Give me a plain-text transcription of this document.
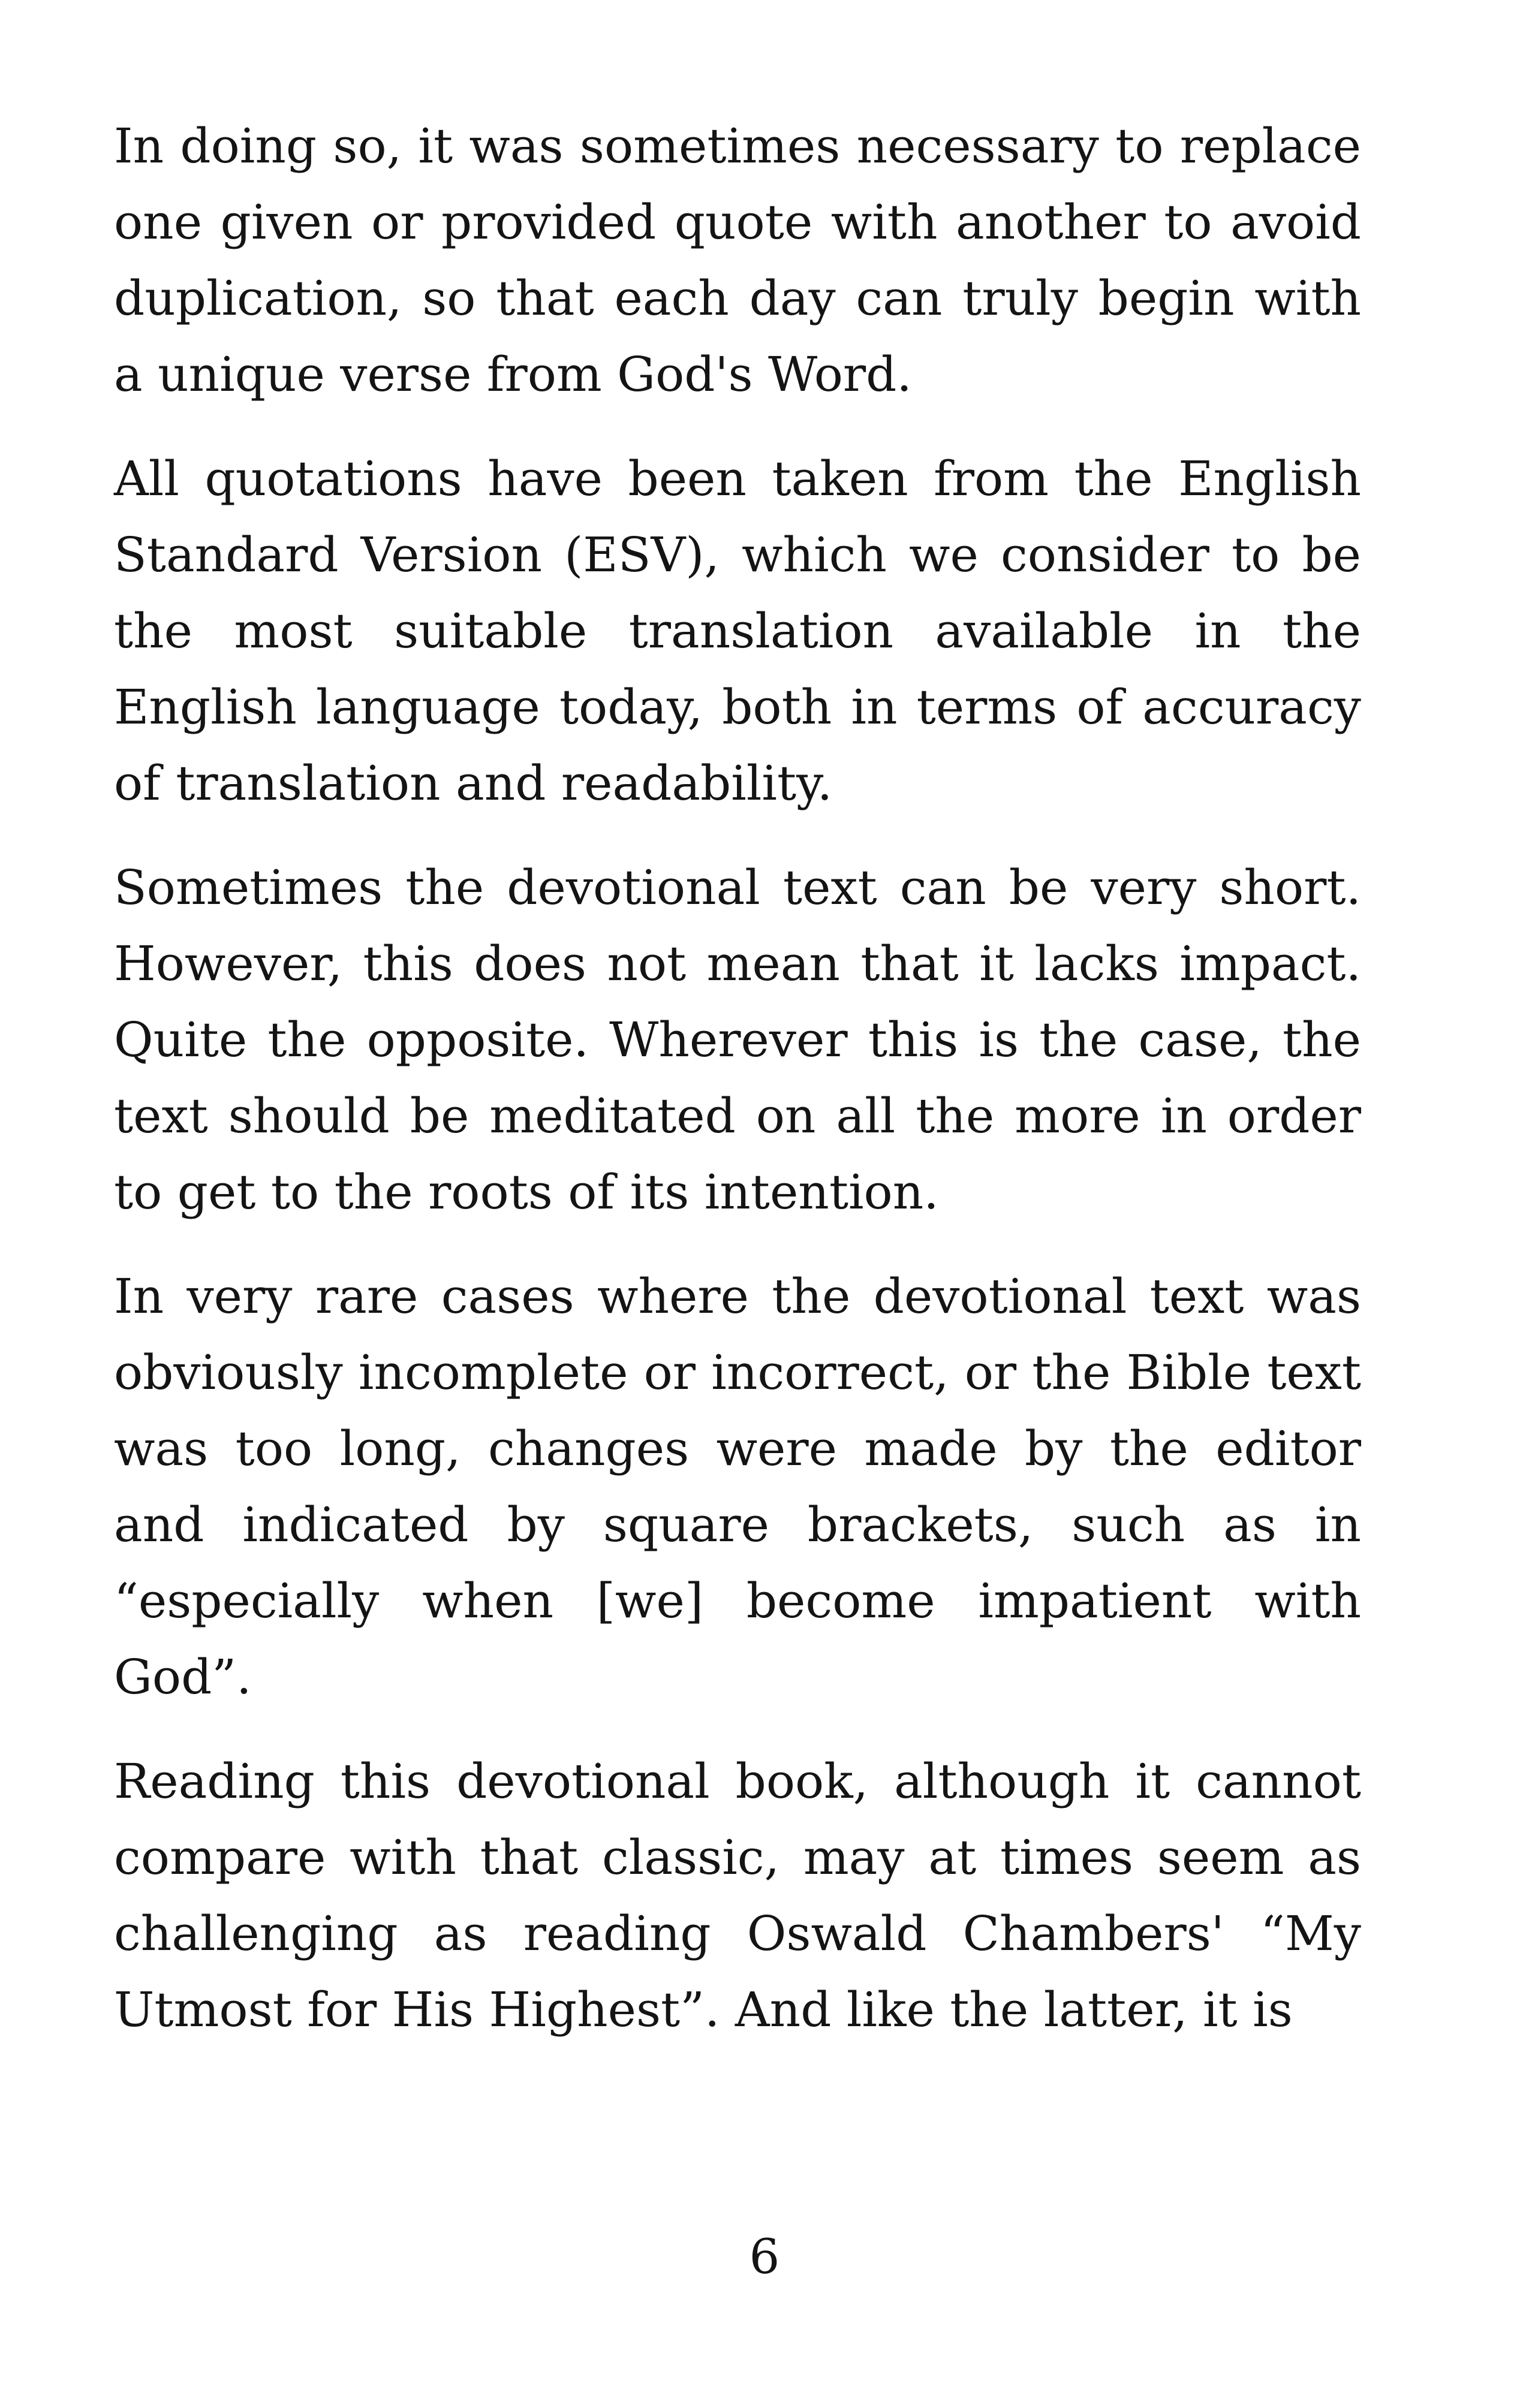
In doing so, it was sometimes necessary to replace one given or provided quote with another to avoid duplication, so that each day can truly begin with a unique verse from God's Word.

All quotations have been taken from the English Standard Version (ESV), which we consider to be the most suitable translation available in the English language today, both in terms of accuracy of translation and readability.

Sometimes the devotional text can be very short. However, this does not mean that it lacks impact. Quite the opposite. Wherever this is the case, the text should be meditated on all the more in order to get to the roots of its intention.

In very rare cases where the devotional text was obviously incomplete or incorrect, or the Bible text was too long, changes were made by the editor and indicated by square brackets, such as in “especially when [we] become impatient with God”.

Reading this devotional book, although it cannot compare with that classic, may at times seem as challenging as reading Oswald Chambers' “My Utmost for His Highest”. And like the latter, it is

6
